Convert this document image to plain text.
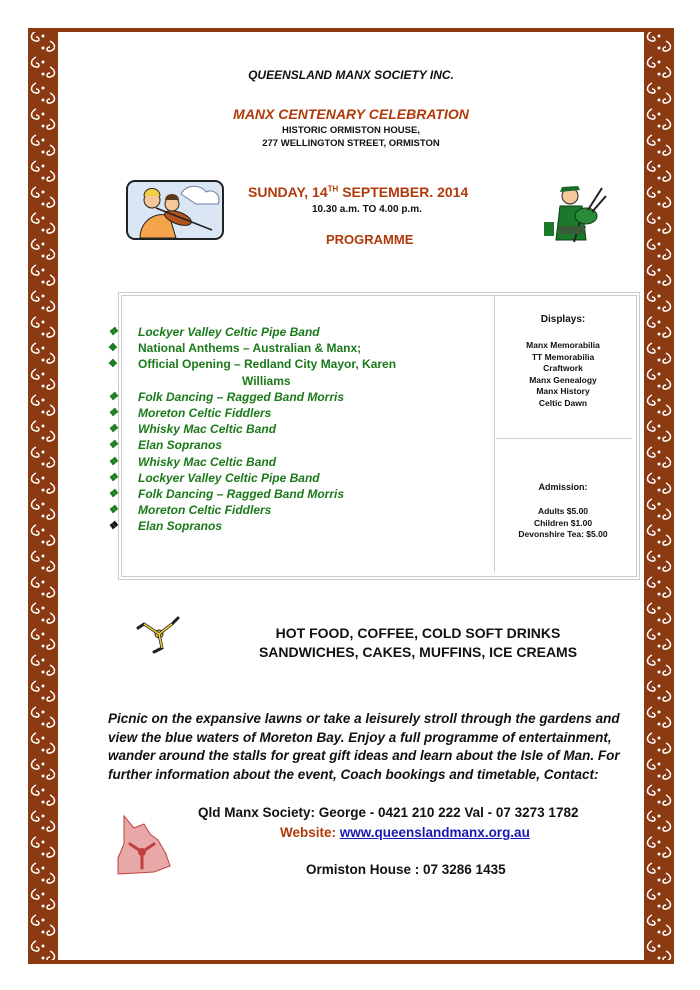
QUEENSLAND MANX SOCIETY INC.
MANX CENTENARY CELEBRATION
HISTORIC ORMISTON HOUSE,
277 WELLINGTON STREET, ORMISTON
SUNDAY, 14TH SEPTEMBER. 2014
10.30 a.m. TO 4.00 p.m.
PROGRAMME
❖ Lockyer Valley Celtic Pipe Band
❖ National Anthems – Australian & Manx;
❖ Official Opening – Redland City Mayor, Karen
Williams
❖ Folk Dancing – Ragged Band Morris
❖ Moreton Celtic Fiddlers
❖ Whisky Mac Celtic Band
❖ Elan Sopranos
❖ Whisky Mac Celtic Band
❖ Lockyer Valley Celtic Pipe Band
❖ Folk Dancing – Ragged Band Morris
❖ Moreton Celtic Fiddlers
❖ Elan Sopranos
Displays:
Manx Memorabilia
TT Memorabilia
Craftwork
Manx Genealogy
Manx History
Celtic Dawn
Admission:
Adults $5.00
Children $1.00
Devonshire Tea: $5.00
HOT FOOD, COFFEE, COLD SOFT DRINKS
SANDWICHES, CAKES, MUFFINS, ICE CREAMS
Picnic on the expansive lawns or take a leisurely stroll through the gardens and view the blue waters of Moreton Bay. Enjoy a full programme of entertainment, wander around the stalls for great gift ideas and learn about the Isle of Man. For further information about the event, Coach bookings and timetable, Contact:
Qld Manx Society: George - 0421 210 222 Val - 07 3273 1782
Website: www.queenslandmanx.org.au
Ormiston House : 07 3286 1435
